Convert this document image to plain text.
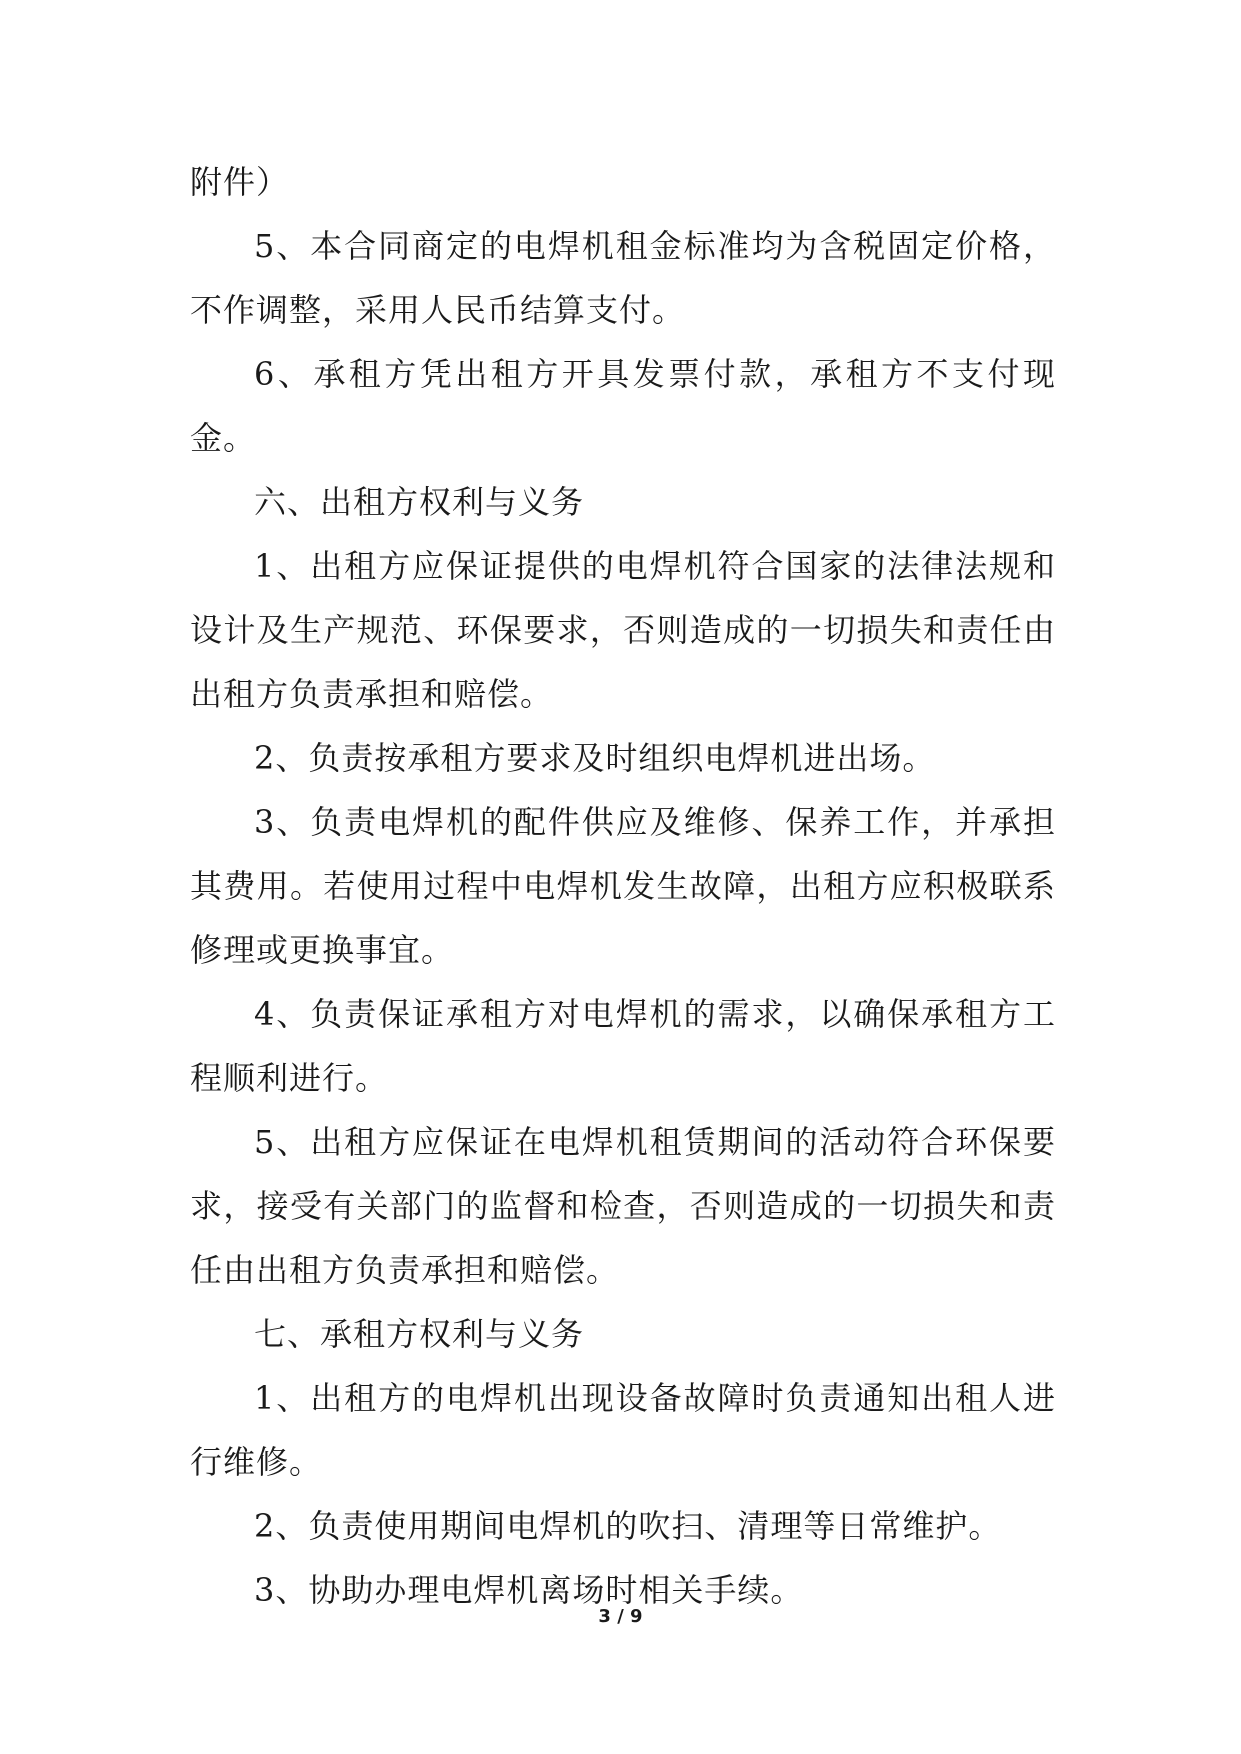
附件）

5、本合同商定的电焊机租金标准均为含税固定价格，不作调整，采用人民币结算支付。

6、承租方凭出租方开具发票付款，承租方不支付现金。

六、出租方权利与义务

1、出租方应保证提供的电焊机符合国家的法律法规和设计及生产规范、环保要求，否则造成的一切损失和责任由出租方负责承担和赔偿。

2、负责按承租方要求及时组织电焊机进出场。

3、负责电焊机的配件供应及维修、保养工作，并承担其费用。若使用过程中电焊机发生故障，出租方应积极联系修理或更换事宜。

4、负责保证承租方对电焊机的需求，以确保承租方工程顺利进行。

5、出租方应保证在电焊机租赁期间的活动符合环保要求，接受有关部门的监督和检查，否则造成的一切损失和责任由出租方负责承担和赔偿。

七、承租方权利与义务

1、出租方的电焊机出现设备故障时负责通知出租人进行维修。

2、负责使用期间电焊机的吹扫、清理等日常维护。

3、协助办理电焊机离场时相关手续。

3 / 9
